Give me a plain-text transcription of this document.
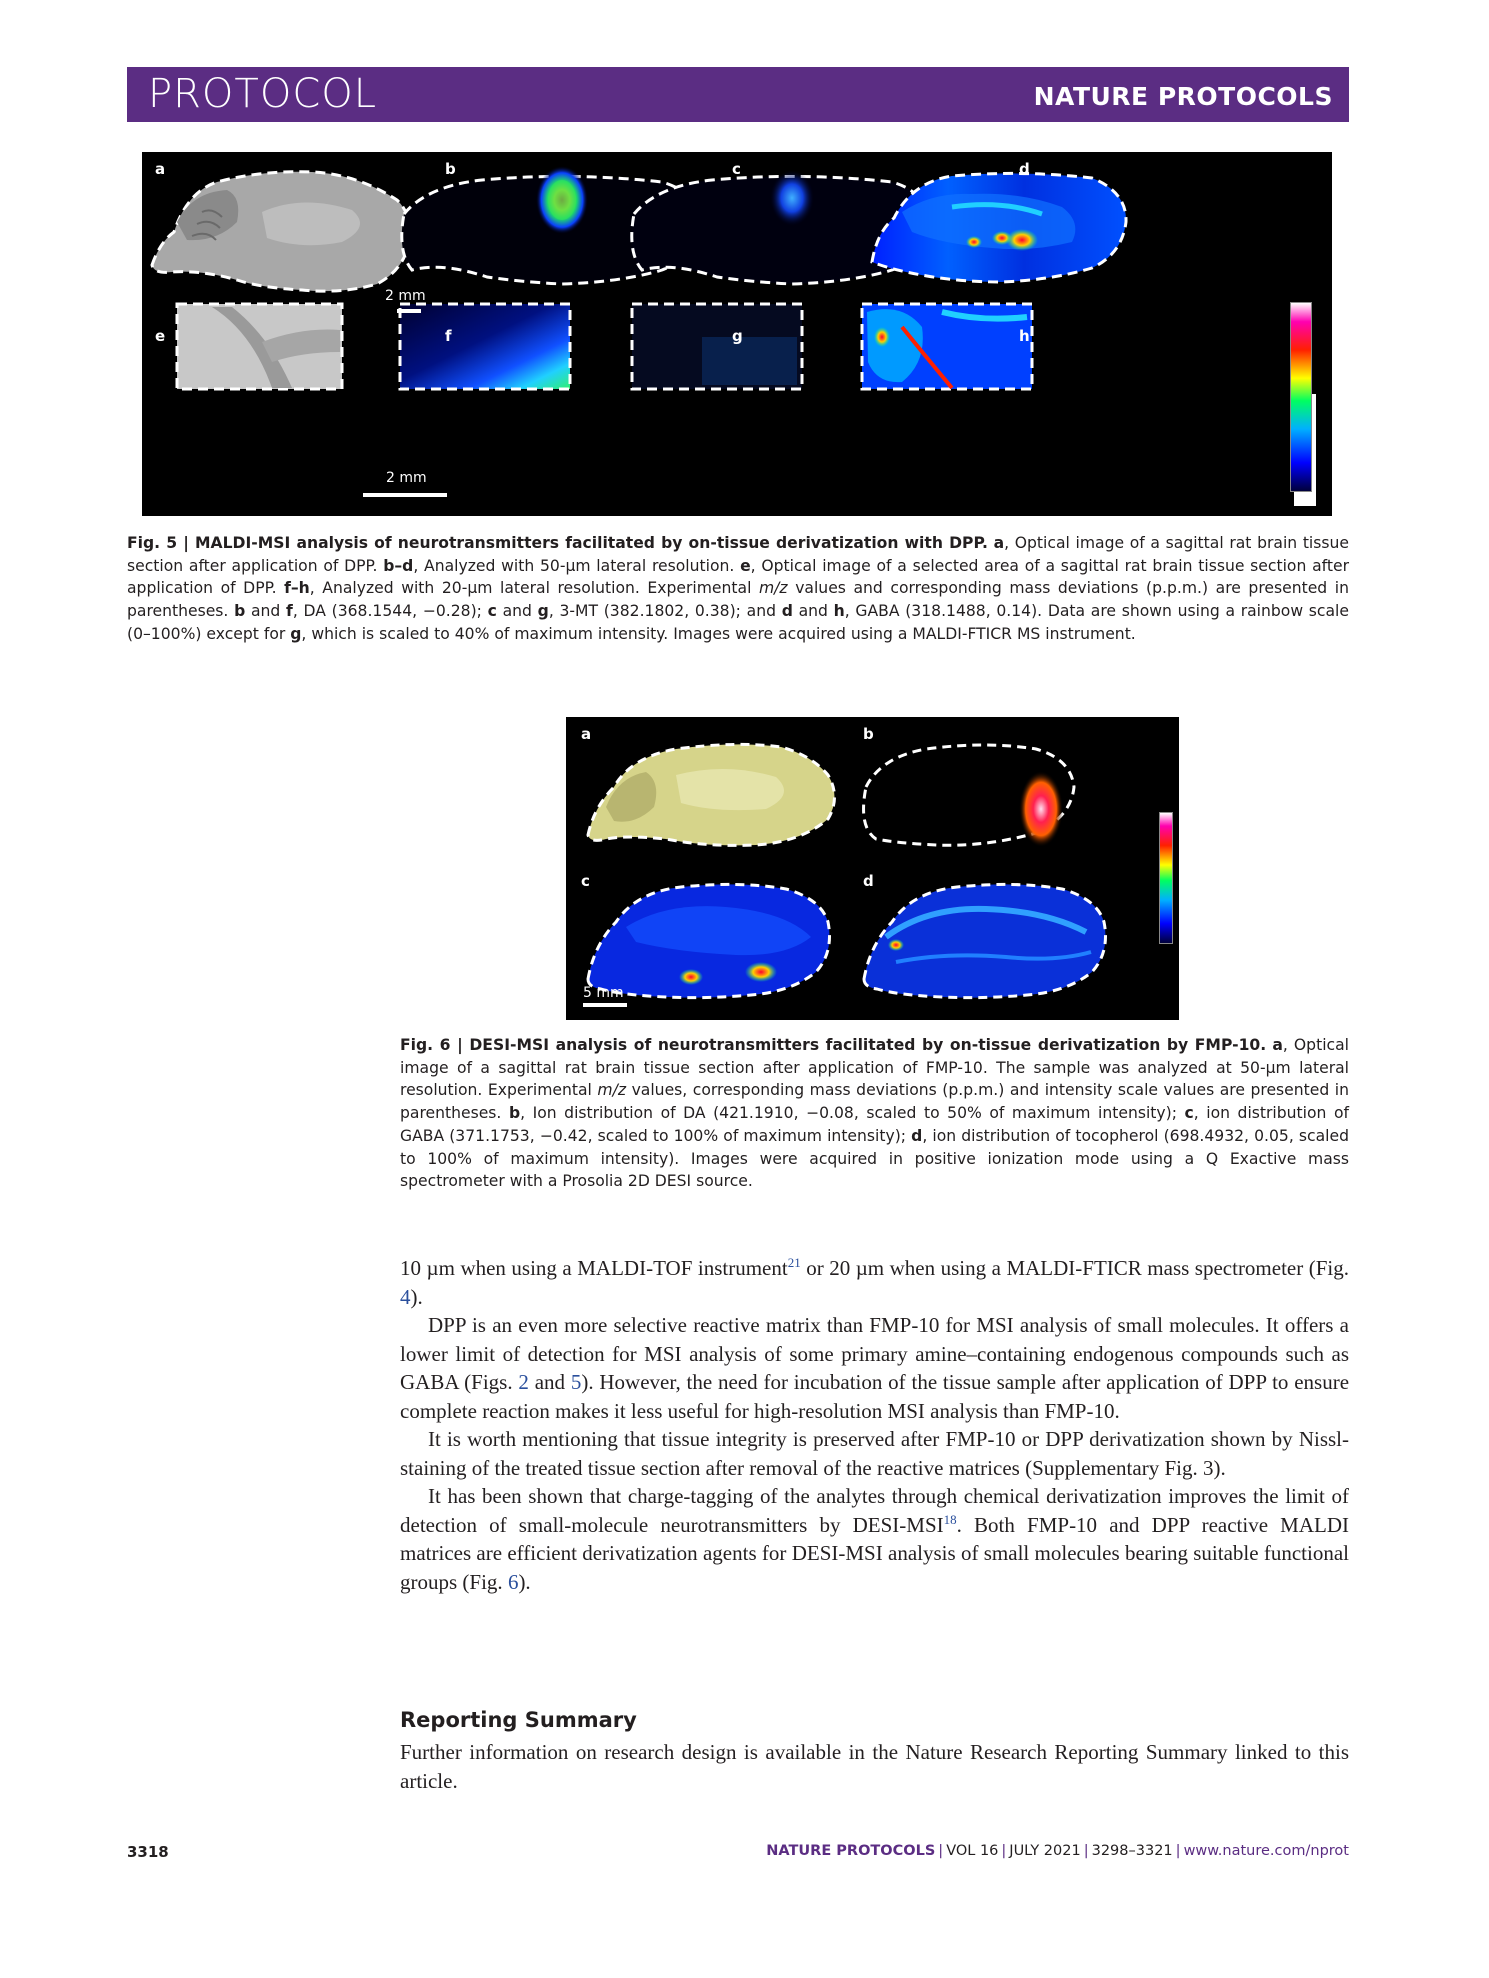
PROTOCOL	NATURE PROTOCOLS
a	b	c	d
e	f	g	h
2 mm
2 mm
Fig. 5 | MALDI-MSI analysis of neurotransmitters facilitated by on-tissue derivatization with DPP. a, Optical image of a sagittal rat brain tissue section after application of DPP. b–d, Analyzed with 50-µm lateral resolution. e, Optical image of a selected area of a sagittal rat brain tissue section after application of DPP. f–h, Analyzed with 20-µm lateral resolution. Experimental m/z values and corresponding mass deviations (p.p.m.) are presented in parentheses. b and f, DA (368.1544, −0.28); c and g, 3-MT (382.1802, 0.38); and d and h, GABA (318.1488, 0.14). Data are shown using a rainbow scale (0–100%) except for g, which is scaled to 40% of maximum intensity. Images were acquired using a MALDI-FTICR MS instrument.
a	b
c	d
5 mm
Fig. 6 | DESI-MSI analysis of neurotransmitters facilitated by on-tissue derivatization by FMP-10. a, Optical image of a sagittal rat brain tissue section after application of FMP-10. The sample was analyzed at 50-µm lateral resolution. Experimental m/z values, corresponding mass deviations (p.p.m.) and intensity scale values are presented in parentheses. b, Ion distribution of DA (421.1910, −0.08, scaled to 50% of maximum intensity); c, ion distribution of GABA (371.1753, −0.42, scaled to 100% of maximum intensity); d, ion distribution of tocopherol (698.4932, 0.05, scaled to 100% of maximum intensity). Images were acquired in positive ionization mode using a Q Exactive mass spectrometer with a Prosolia 2D DESI source.

10 µm when using a MALDI-TOF instrument$^{21}$ or 20 µm when using a MALDI-FTICR mass spectrometer (Fig. 4).

DPP is an even more selective reactive matrix than FMP-10 for MSI analysis of small molecules. It offers a lower limit of detection for MSI analysis of some primary amine–containing endogenous compounds such as GABA (Figs. 2 and 5). However, the need for incubation of the tissue sample after application of DPP to ensure complete reaction makes it less useful for high-resolution MSI analysis than FMP-10.

It is worth mentioning that tissue integrity is preserved after FMP-10 or DPP derivatization shown by Nissl-staining of the treated tissue section after removal of the reactive matrices (Supplementary Fig. 3).

It has been shown that charge-tagging of the analytes through chemical derivatization improves the limit of detection of small-molecule neurotransmitters by DESI-MSI$^{18}$. Both FMP-10 and DPP reactive MALDI matrices are efficient derivatization agents for DESI-MSI analysis of small molecules bearing suitable functional groups (Fig. 6).

Reporting Summary

Further information on research design is available in the Nature Research Reporting Summary linked to this article.

3318	NATURE PROTOCOLS | VOL 16 | JULY 2021 | 3298–3321 | www.nature.com/nprot
